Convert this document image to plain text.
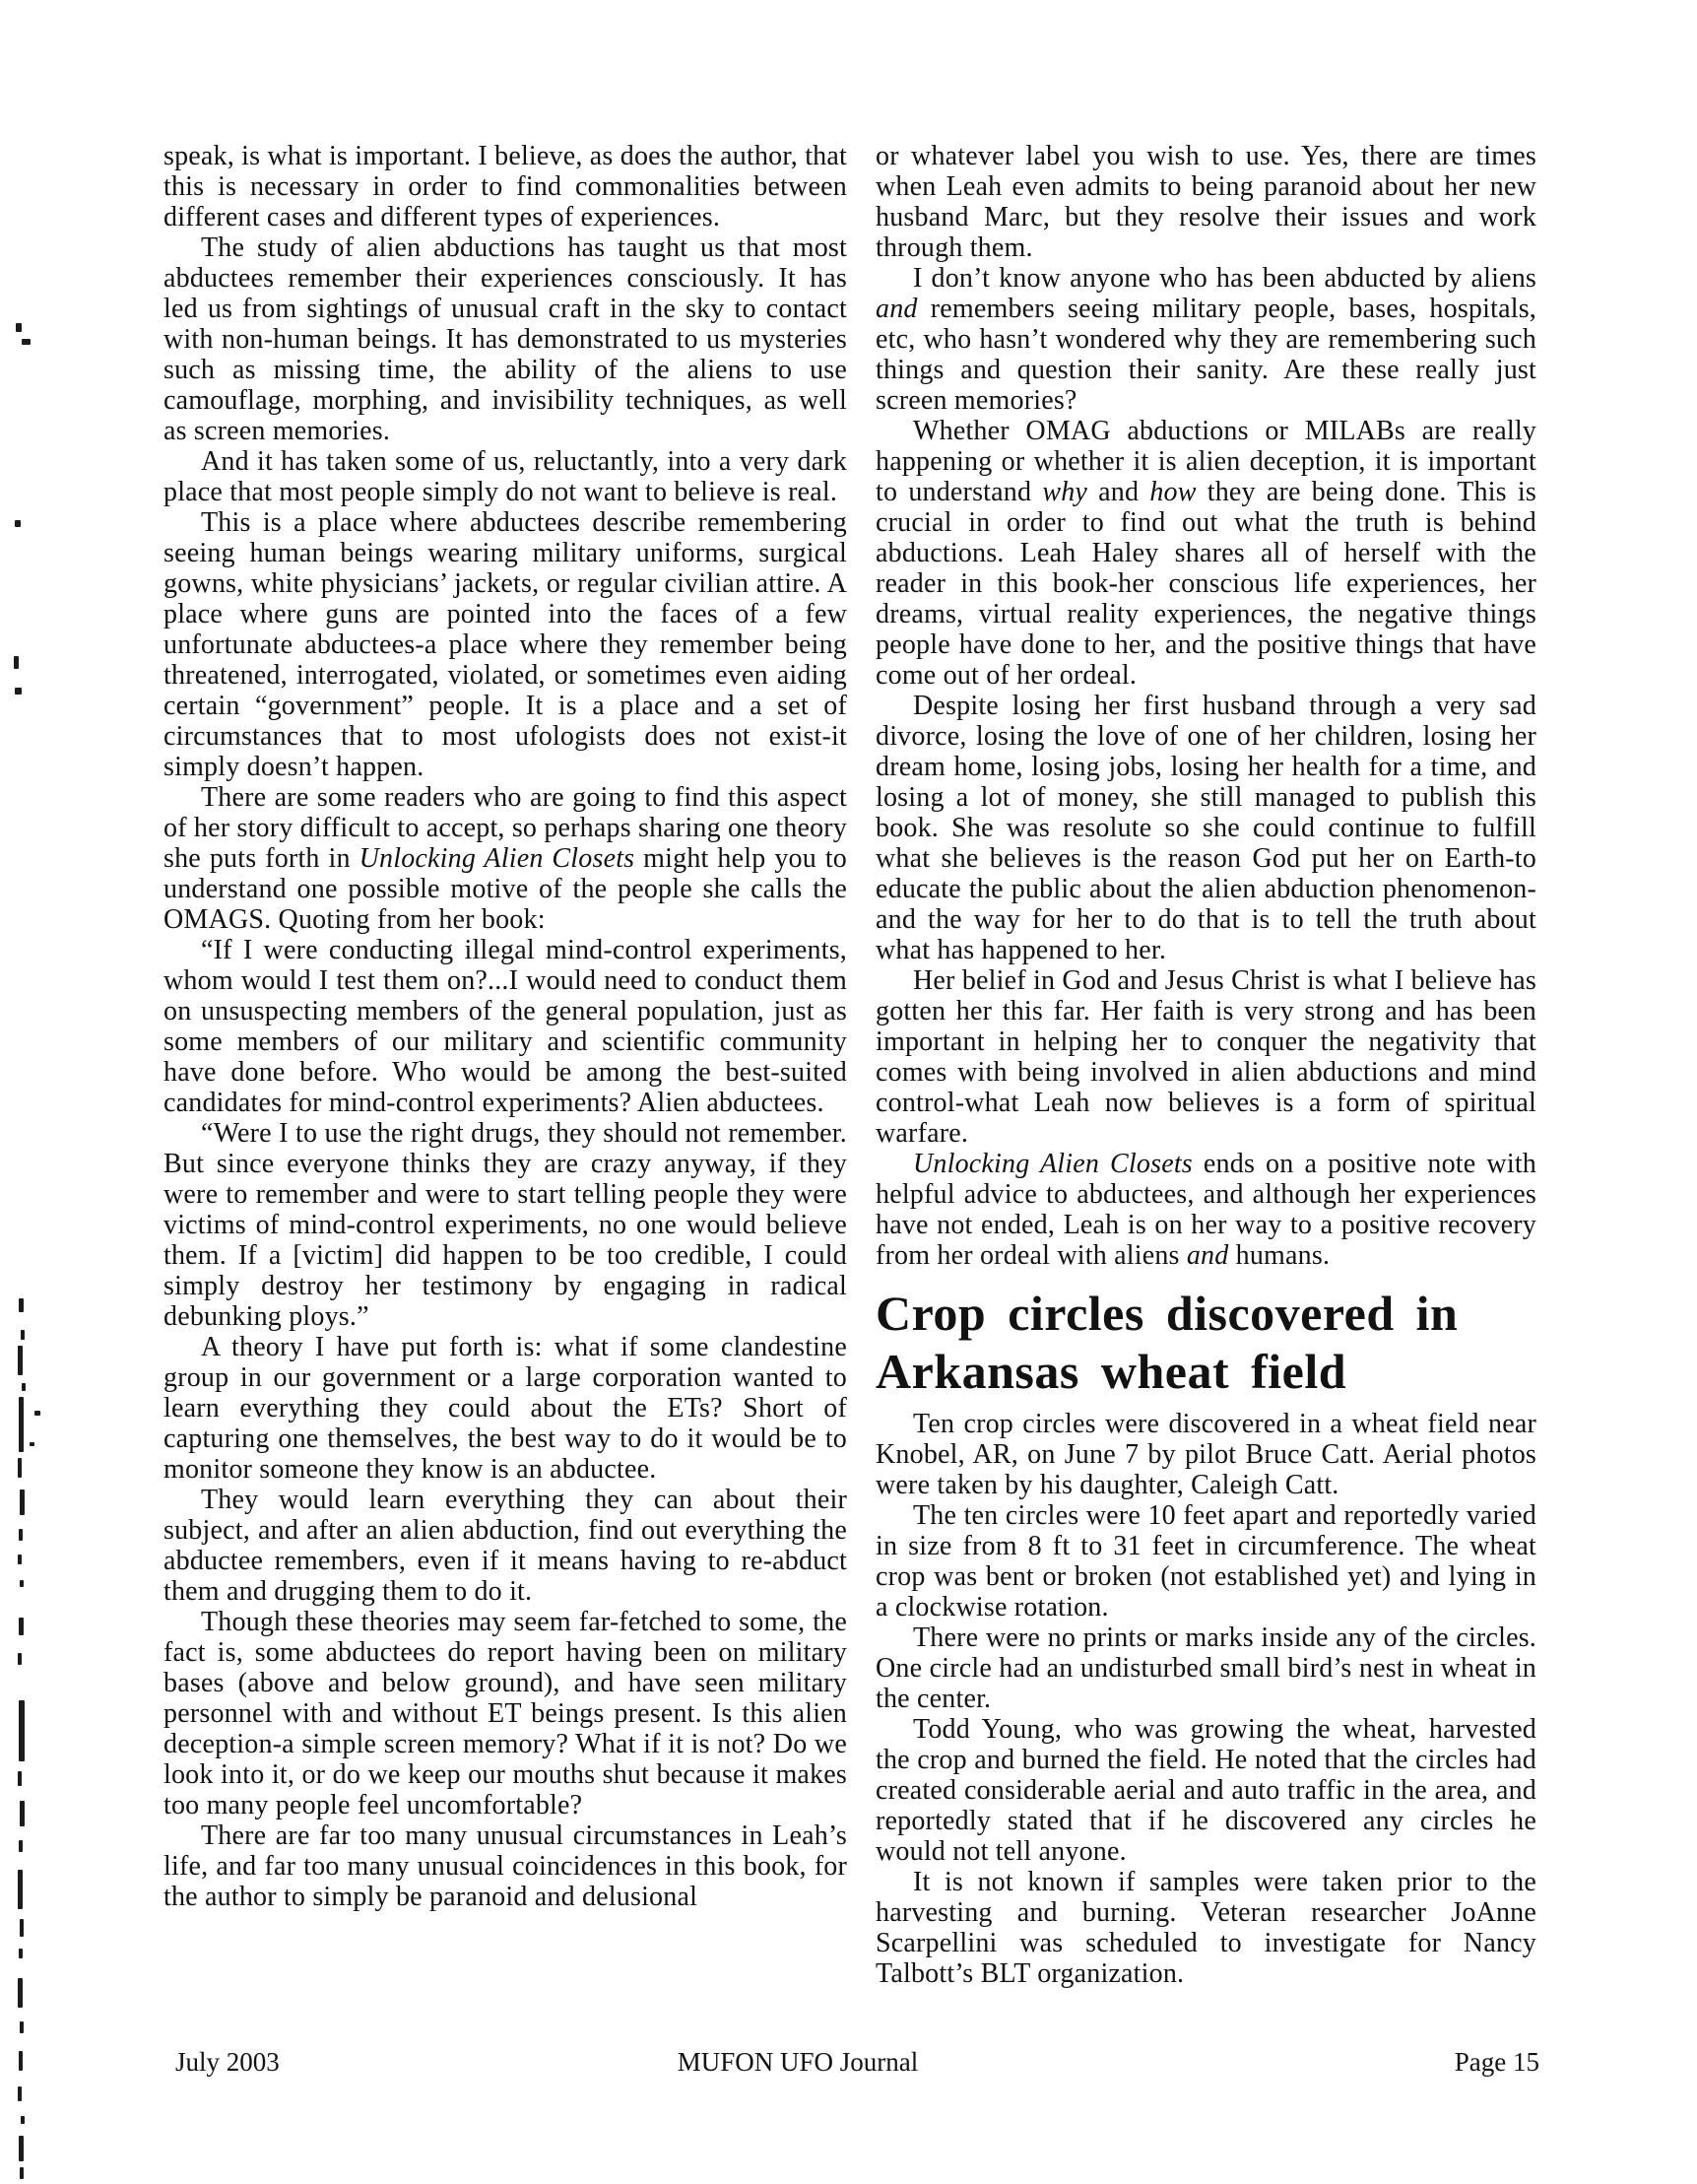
speak, is what is important. I believe, as does the author, that this is necessary in order to find commonalities between different cases and different types of experiences.

The study of alien abductions has taught us that most abductees remember their experiences consciously. It has led us from sightings of unusual craft in the sky to contact with non-human beings. It has demonstrated to us mysteries such as missing time, the ability of the aliens to use camouflage, morphing, and invisibility techniques, as well as screen memories.

And it has taken some of us, reluctantly, into a very dark place that most people simply do not want to believe is real.

This is a place where abductees describe remembering seeing human beings wearing military uniforms, surgical gowns, white physicians’ jackets, or regular civilian attire. A place where guns are pointed into the faces of a few unfortunate abductees-a place where they remember being threatened, interrogated, violated, or sometimes even aiding certain “government” people. It is a place and a set of circumstances that to most ufologists does not exist-it simply doesn’t happen.

There are some readers who are going to find this aspect of her story difficult to accept, so perhaps sharing one theory she puts forth in Unlocking Alien Closets might help you to understand one possible motive of the people she calls the OMAGS. Quoting from her book:

“If I were conducting illegal mind-control experiments, whom would I test them on?...I would need to conduct them on unsuspecting members of the general population, just as some members of our military and scientific community have done before. Who would be among the best-suited candidates for mind-control experiments? Alien abductees.

“Were I to use the right drugs, they should not remember. But since everyone thinks they are crazy anyway, if they were to remember and were to start telling people they were victims of mind-control experiments, no one would believe them. If a [victim] did happen to be too credible, I could simply destroy her testimony by engaging in radical debunking ploys.”

A theory I have put forth is: what if some clandestine group in our government or a large corporation wanted to learn everything they could about the ETs? Short of capturing one themselves, the best way to do it would be to monitor someone they know is an abductee.

They would learn everything they can about their subject, and after an alien abduction, find out everything the abductee remembers, even if it means having to re-abduct them and drugging them to do it.

Though these theories may seem far-fetched to some, the fact is, some abductees do report having been on military bases (above and below ground), and have seen military personnel with and without ET beings present. Is this alien deception-a simple screen memory? What if it is not? Do we look into it, or do we keep our mouths shut because it makes too many people feel uncomfortable?

There are far too many unusual circumstances in Leah’s life, and far too many unusual coincidences in this book, for the author to simply be paranoid and delusional

or whatever label you wish to use. Yes, there are times when Leah even admits to being paranoid about her new husband Marc, but they resolve their issues and work through them.

I don’t know anyone who has been abducted by aliens and remembers seeing military people, bases, hospitals, etc, who hasn’t wondered why they are remembering such things and question their sanity. Are these really just screen memories?

Whether OMAG abductions or MILABs are really happening or whether it is alien deception, it is important to understand why and how they are being done. This is crucial in order to find out what the truth is behind abductions. Leah Haley shares all of herself with the reader in this book-her conscious life experiences, her dreams, virtual reality experiences, the negative things people have done to her, and the positive things that have come out of her ordeal.

Despite losing her first husband through a very sad divorce, losing the love of one of her children, losing her dream home, losing jobs, losing her health for a time, and losing a lot of money, she still managed to publish this book. She was resolute so she could continue to fulfill what she believes is the reason God put her on Earth-to educate the public about the alien abduction phenomenon-and the way for her to do that is to tell the truth about what has happened to her.

Her belief in God and Jesus Christ is what I believe has gotten her this far. Her faith is very strong and has been important in helping her to conquer the negativity that comes with being involved in alien abductions and mind control-what Leah now believes is a form of spiritual warfare.

Unlocking Alien Closets ends on a positive note with helpful advice to abductees, and although her experiences have not ended, Leah is on her way to a positive recovery from her ordeal with aliens and humans.

Crop circles discovered in Arkansas wheat field

Ten crop circles were discovered in a wheat field near Knobel, AR, on June 7 by pilot Bruce Catt. Aerial photos were taken by his daughter, Caleigh Catt.

The ten circles were 10 feet apart and reportedly varied in size from 8 ft to 31 feet in circumference. The wheat crop was bent or broken (not established yet) and lying in a clockwise rotation.

There were no prints or marks inside any of the circles. One circle had an undisturbed small bird’s nest in wheat in the center.

Todd Young, who was growing the wheat, harvested the crop and burned the field. He noted that the circles had created considerable aerial and auto traffic in the area, and reportedly stated that if he discovered any circles he would not tell anyone.

It is not known if samples were taken prior to the harvesting and burning. Veteran researcher JoAnne Scarpellini was scheduled to investigate for Nancy Talbott’s BLT organization.

July 2003	MUFON UFO Journal	Page 15
